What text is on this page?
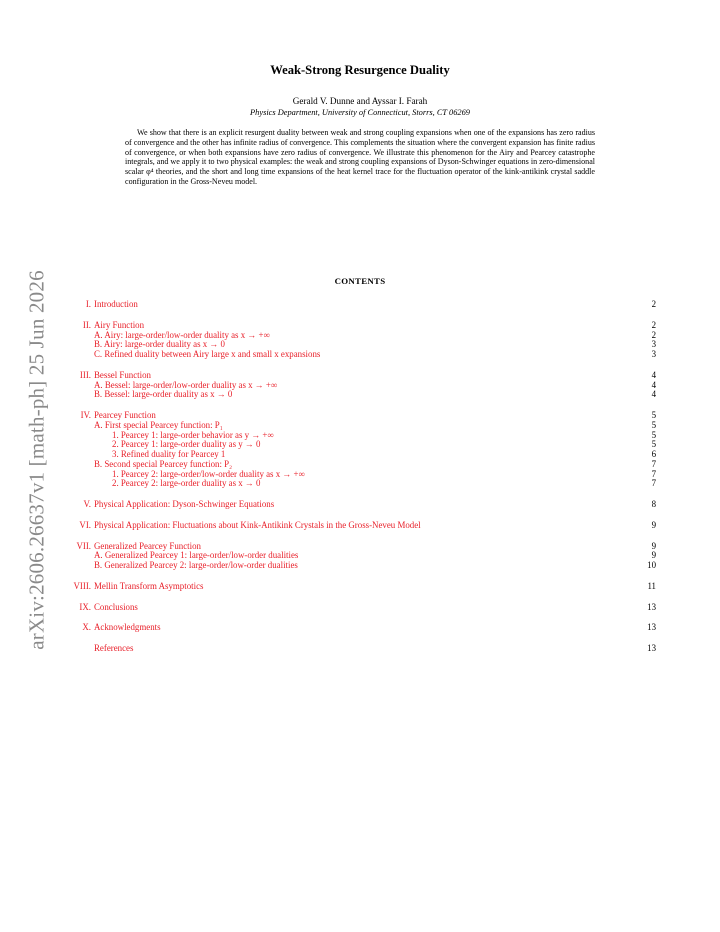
arXiv:2606.26637v1 [math-ph] 25 Jun 2026
Weak-Strong Resurgence Duality
Gerald V. Dunne and Ayssar I. Farah
Physics Department, University of Connecticut, Storrs, CT 06269
We show that there is an explicit resurgent duality between weak and strong coupling expansions when one of the expansions has zero radius of convergence and the other has infinite radius of convergence. This complements the situation where the convergent expansion has finite radius of convergence, or when both expansions have zero radius of convergence. We illustrate this phenomenon for the Airy and Pearcey catastrophe integrals, and we apply it to two physical examples: the weak and strong coupling expansions of Dyson-Schwinger equations in zero-dimensional scalar φ⁴ theories, and the short and long time expansions of the heat kernel trace for the fluctuation operator of the kink-antikink crystal saddle configuration in the Gross-Neveu model.
CONTENTS
I. Introduction	2
II. Airy Function	2
A. Airy: large-order/low-order duality as x → +∞	2
B. Airy: large-order duality as x → 0	3
C. Refined duality between Airy large x and small x expansions	3
III. Bessel Function	4
A. Bessel: large-order/low-order duality as x → +∞	4
B. Bessel: large-order duality as x → 0	4
IV. Pearcey Function	5
A. First special Pearcey function: P₁	5
1. Pearcey 1: large-order behavior as y → +∞	5
2. Pearcey 1: large-order duality as y → 0	5
3. Refined duality for Pearcey 1	6
B. Second special Pearcey function: P₂	7
1. Pearcey 2: large-order/low-order duality as x → +∞	7
2. Pearcey 2: large-order duality as x → 0	7
V. Physical Application: Dyson-Schwinger Equations	8
VI. Physical Application: Fluctuations about Kink-Antikink Crystals in the Gross-Neveu Model	9
VII. Generalized Pearcey Function	9
A. Generalized Pearcey 1: large-order/low-order dualities	9
B. Generalized Pearcey 2: large-order/low-order dualities	10
VIII. Mellin Transform Asymptotics	11
IX. Conclusions	13
X. Acknowledgments	13
References	13
